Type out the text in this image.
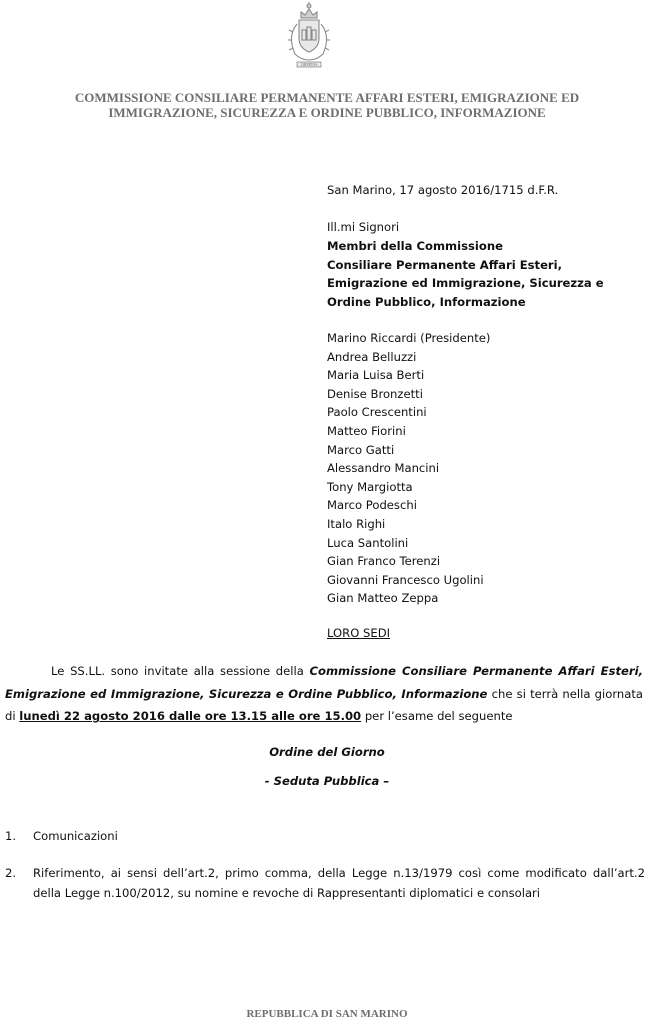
LIBERTAS
COMMISSIONE CONSILIARE PERMANENTE AFFARI ESTERI, EMIGRAZIONE ED
IMMIGRAZIONE, SICUREZZA E ORDINE PUBBLICO, INFORMAZIONE
San Marino, 17 agosto 2016/1715 d.F.R.
Ill.mi Signori
Membri della Commissione
Consiliare Permanente Affari Esteri,
Emigrazione ed Immigrazione, Sicurezza e
Ordine Pubblico, Informazione
Marino Riccardi (Presidente)
Andrea Belluzzi
Maria Luisa Berti
Denise Bronzetti
Paolo Crescentini
Matteo Fiorini
Marco Gatti
Alessandro Mancini
Tony Margiotta
Marco Podeschi
Italo Righi
Luca Santolini
Gian Franco Terenzi
Giovanni Francesco Ugolini
Gian Matteo Zeppa
LORO SEDI
Le SS.LL. sono invitate alla sessione della Commissione Consiliare Permanente Affari Esteri, Emigrazione ed Immigrazione, Sicurezza e Ordine Pubblico, Informazione che si terrà nella giornata di lunedì 22 agosto 2016 dalle ore 13.15 alle ore 15.00 per l’esame del seguente
Ordine del Giorno
- Seduta Pubblica –
1. Comunicazioni
2. Riferimento, ai sensi dell’art.2, primo comma, della Legge n.13/1979 così come modificato dall’art.2 della Legge n.100/2012, su nomine e revoche di Rappresentanti diplomatici e consolari
REPUBBLICA DI SAN MARINO
